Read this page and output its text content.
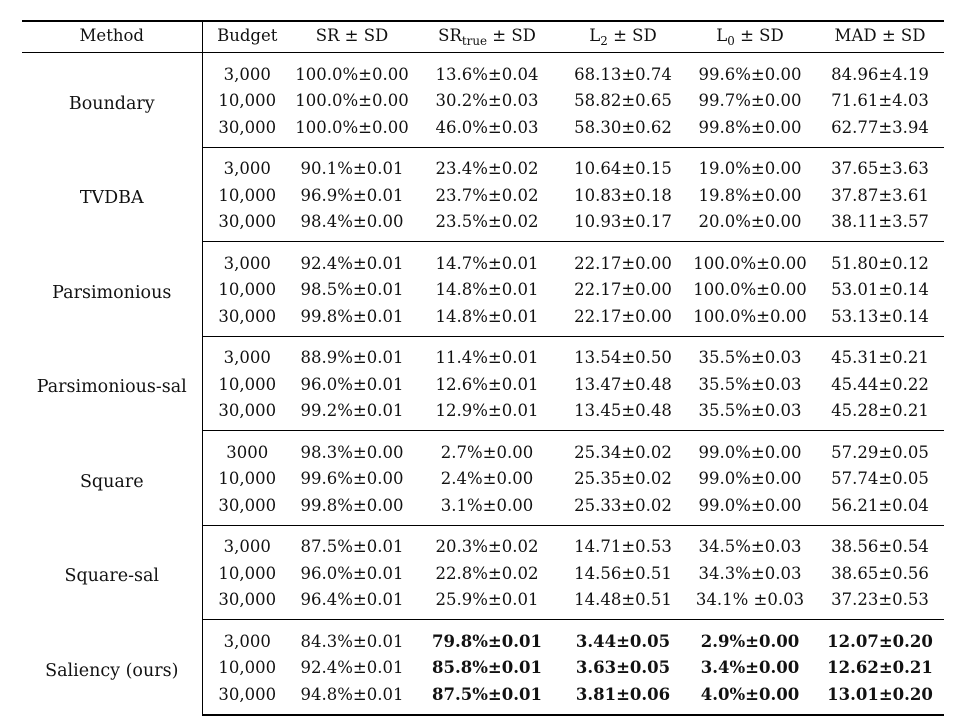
Method	Budget	SR ± SD	$SR_{true}$ ± SD	$L_2$ ± SD	$L_0$ ± SD	MAD ± SD
Boundary	3,000	100.0%±0.00	13.6%±0.04	68.13±0.74	99.6%±0.00	84.96±4.19
	10,000	100.0%±0.00	30.2%±0.03	58.82±0.65	99.7%±0.00	71.61±4.03
	30,000	100.0%±0.00	46.0%±0.03	58.30±0.62	99.8%±0.00	62.77±3.94
TVDBA	3,000	90.1%±0.01	23.4%±0.02	10.64±0.15	19.0%±0.00	37.65±3.63
	10,000	96.9%±0.01	23.7%±0.02	10.83±0.18	19.8%±0.00	37.87±3.61
	30,000	98.4%±0.00	23.5%±0.02	10.93±0.17	20.0%±0.00	38.11±3.57
Parsimonious	3,000	92.4%±0.01	14.7%±0.01	22.17±0.00	100.0%±0.00	51.80±0.12
	10,000	98.5%±0.01	14.8%±0.01	22.17±0.00	100.0%±0.00	53.01±0.14
	30,000	99.8%±0.01	14.8%±0.01	22.17±0.00	100.0%±0.00	53.13±0.14
Parsimonious-sal	3,000	88.9%±0.01	11.4%±0.01	13.54±0.50	35.5%±0.03	45.31±0.21
	10,000	96.0%±0.01	12.6%±0.01	13.47±0.48	35.5%±0.03	45.44±0.22
	30,000	99.2%±0.01	12.9%±0.01	13.45±0.48	35.5%±0.03	45.28±0.21
Square	3000	98.3%±0.00	2.7%±0.00	25.34±0.02	99.0%±0.00	57.29±0.05
	10,000	99.6%±0.00	2.4%±0.00	25.35±0.02	99.0%±0.00	57.74±0.05
	30,000	99.8%±0.00	3.1%±0.00	25.33±0.02	99.0%±0.00	56.21±0.04
Square-sal	3,000	87.5%±0.01	20.3%±0.02	14.71±0.53	34.5%±0.03	38.56±0.54
	10,000	96.0%±0.01	22.8%±0.02	14.56±0.51	34.3%±0.03	38.65±0.56
	30,000	96.4%±0.01	25.9%±0.01	14.48±0.51	34.1% ±0.03	37.23±0.53
Saliency (ours)	3,000	84.3%±0.01	79.8%±0.01	3.44±0.05	2.9%±0.00	12.07±0.20
	10,000	92.4%±0.01	85.8%±0.01	3.63±0.05	3.4%±0.00	12.62±0.21
	30,000	94.8%±0.01	87.5%±0.01	3.81±0.06	4.0%±0.00	13.01±0.20
